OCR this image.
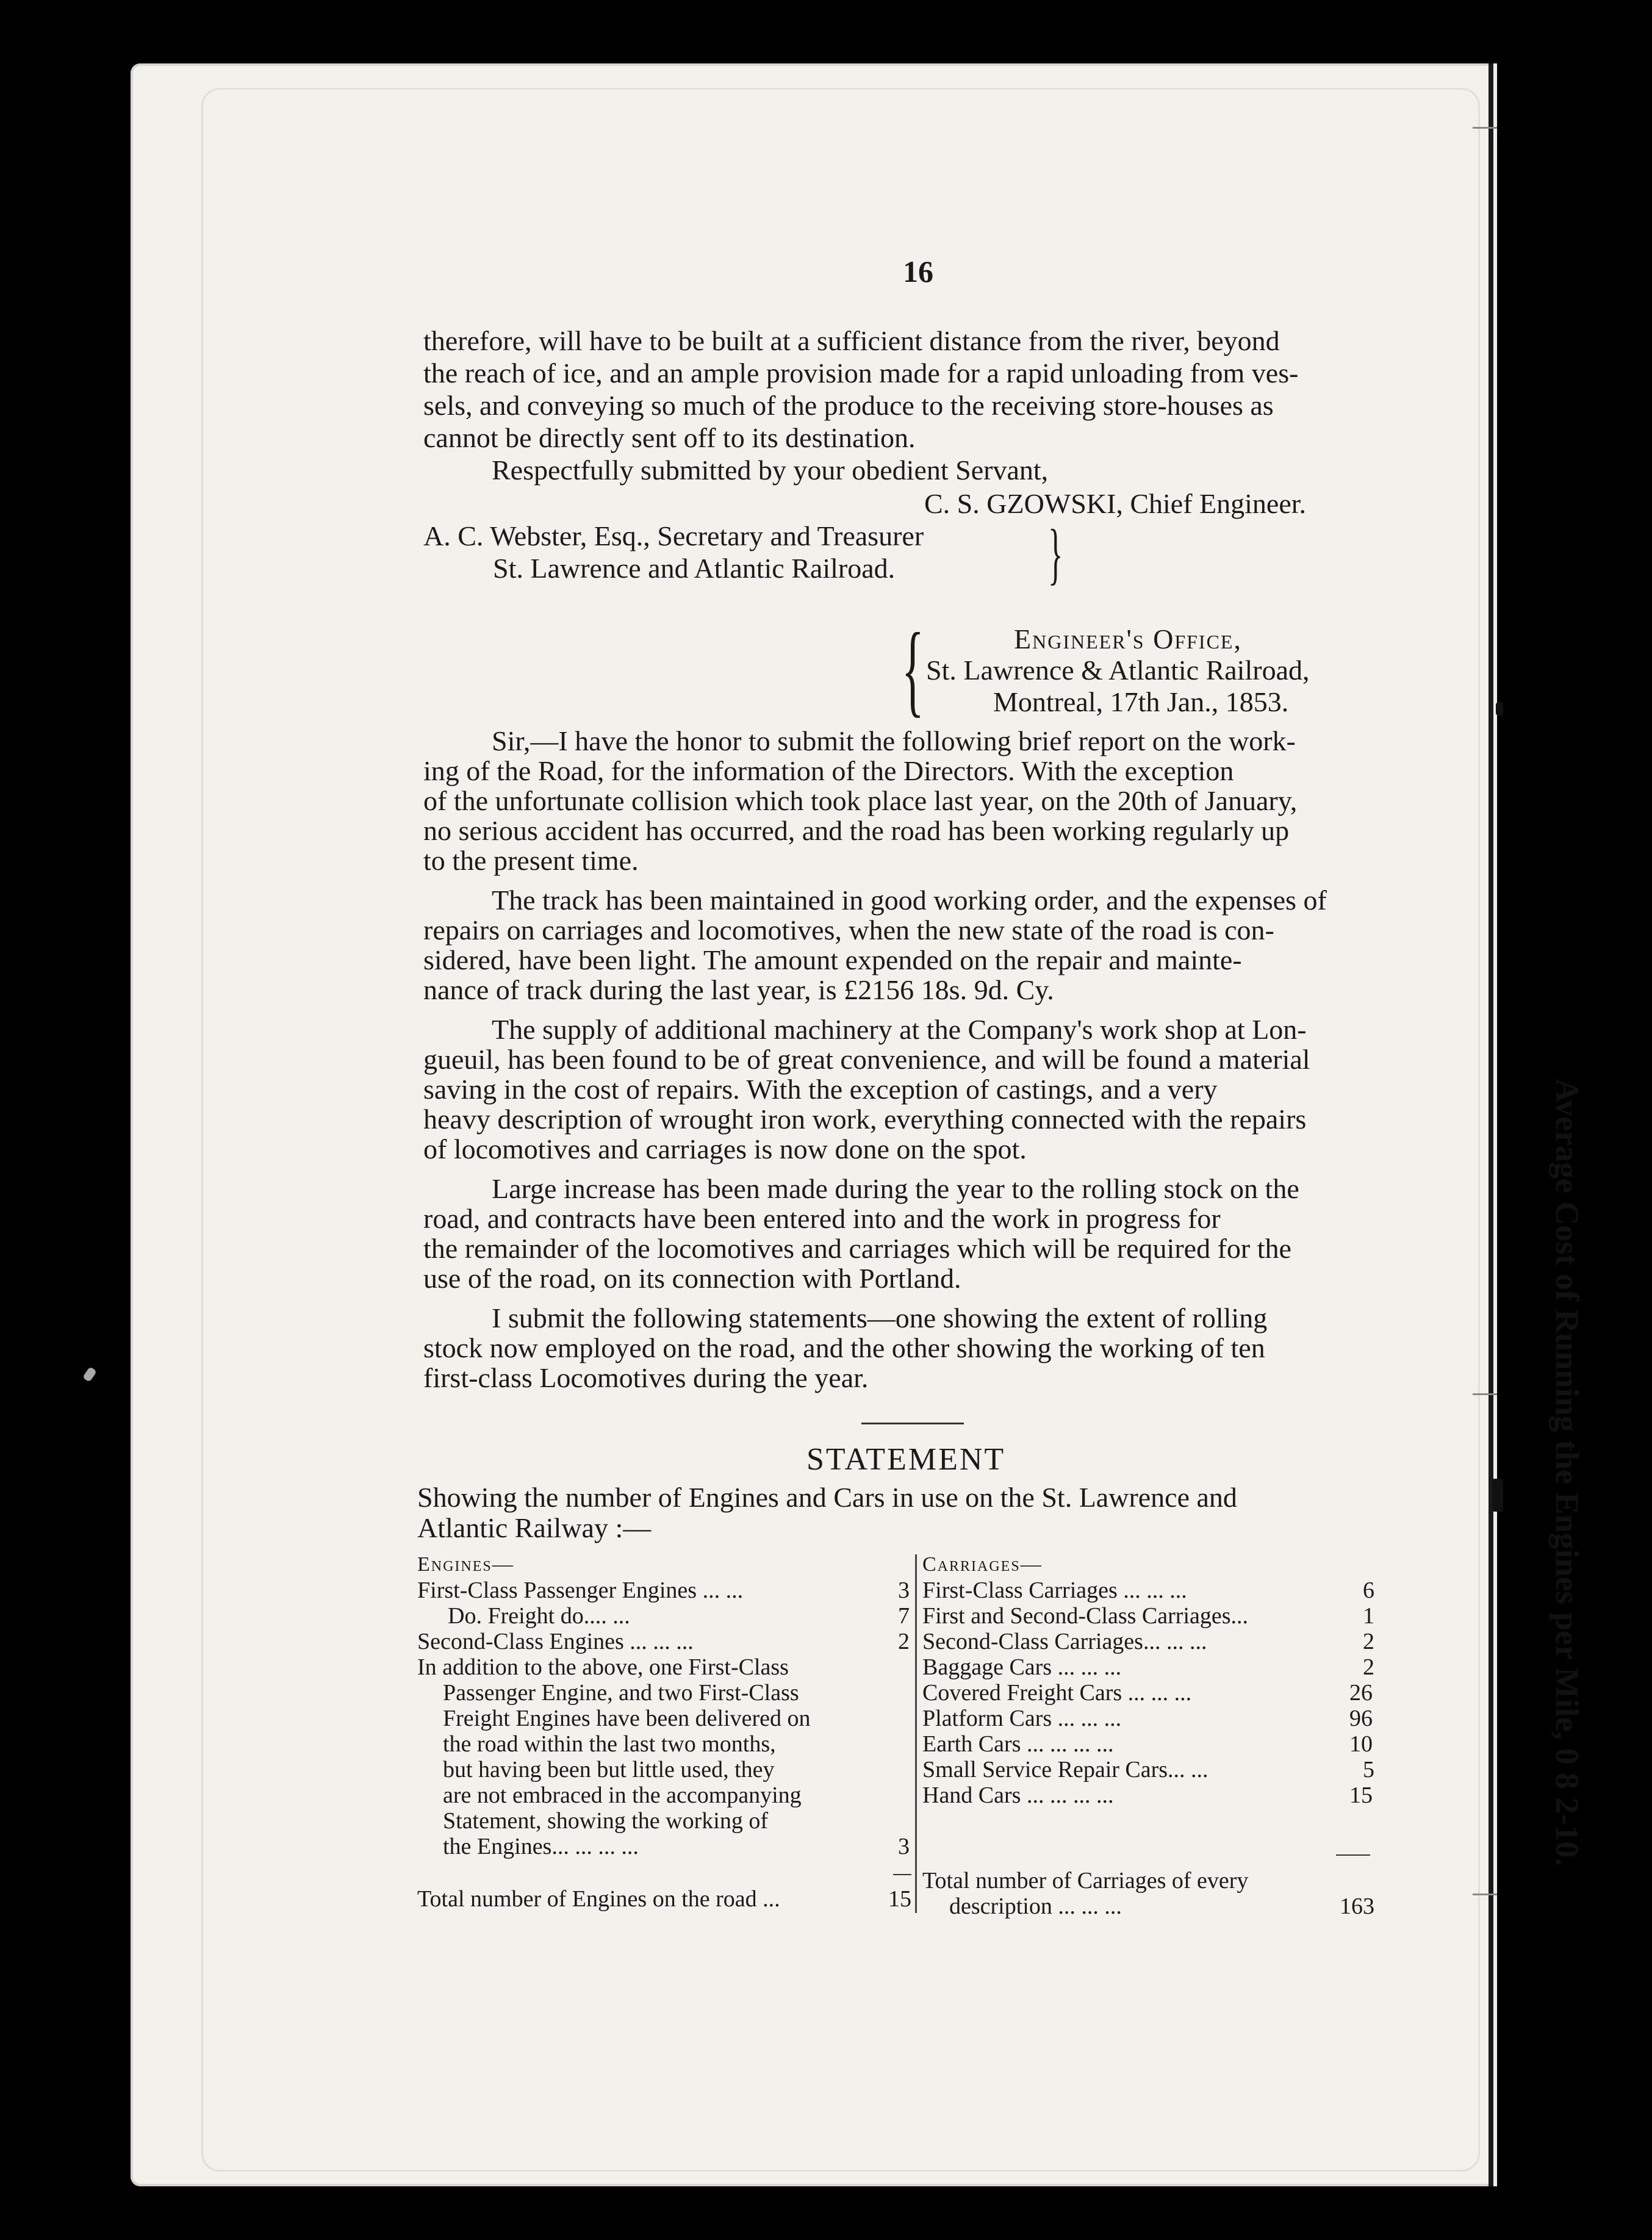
16
therefore, will have to be built at a sufficient distance from the river, beyond
the reach of ice, and an ample provision made for a rapid unloading from ves-
sels, and conveying so much of the produce to the receiving store-houses as
cannot be directly sent off to its destination.
Respectfully submitted by your obedient Servant,
C. S. GZOWSKI, Chief Engineer.
A. C. Webster, Esq., Secretary and Treasurer
St. Lawrence and Atlantic Railroad. }
{	Engineer's Office,
St. Lawrence & Atlantic Railroad,
Montreal, 17th Jan., 1853.
Sir,—I have the honor to submit the following brief report on the work-
ing of the Road, for the information of the Directors. With the exception
of the unfortunate collision which took place last year, on the 20th of January,
no serious accident has occurred, and the road has been working regularly up
to the present time.
The track has been maintained in good working order, and the expenses of
repairs on carriages and locomotives, when the new state of the road is con-
sidered, have been light. The amount expended on the repair and mainte-
nance of track during the last year, is £2156 18s. 9d. Cy.
The supply of additional machinery at the Company's work shop at Lon-
gueuil, has been found to be of great convenience, and will be found a material
saving in the cost of repairs. With the exception of castings, and a very
heavy description of wrought iron work, everything connected with the repairs
of locomotives and carriages is now done on the spot.
Large increase has been made during the year to the rolling stock on the
road, and contracts have been entered into and the work in progress for
the remainder of the locomotives and carriages which will be required for the
use of the road, on its connection with Portland.
I submit the following statements—one showing the extent of rolling
stock now employed on the road, and the other showing the working of ten
first-class Locomotives during the year.
STATEMENT
Showing the number of Engines and Cars in use on the St. Lawrence and
Atlantic Railway :—
Engines—
First-Class Passenger Engines ... ...	3
Do. Freight do.... ...	7
Second-Class Engines ... ... ...	2
In addition to the above, one First-Class
Passenger Engine, and two First-Class
Freight Engines have been delivered on
the road within the last two months,
but having been but little used, they
are not embraced in the accompanying
Statement, showing the working of
the Engines... ... ... ...	3
Total number of Engines on the road ...	15
Carriages—
First-Class Carriages ... ... ...	6
First and Second-Class Carriages...	1
Second-Class Carriages... ... ...	2
Baggage Cars ... ... ...	2
Covered Freight Cars ... ... ...	26
Platform Cars ... ... ...	96
Earth Cars ... ... ... ...	10
Small Service Repair Cars... ...	5
Hand Cars ... ... ... ...	15
Total number of Carriages of every
description ... ... ...	163
Average Cost of Running the Engines per Mile, 0 8 2-10.
